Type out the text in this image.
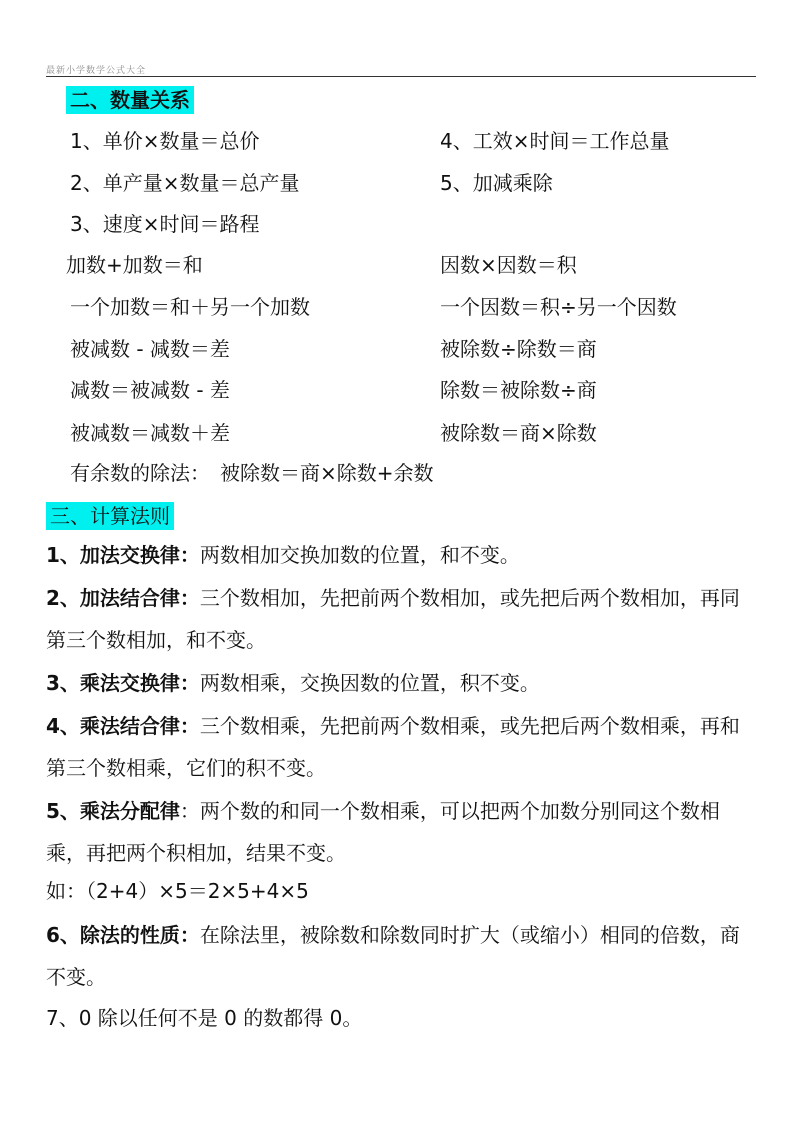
最新小学数学公式大全
二、数量关系
1、单价×数量＝总价
2、单产量×数量＝总产量
3、速度×时间＝路程
4、工效×时间＝工作总量
5、加减乘除
加数+加数＝和
一个加数＝和＋另一个加数
被减数 - 减数＝差
减数＝被减数 - 差
被减数＝减数＋差
因数×因数＝积
一个因数＝积÷另一个因数
被除数÷除数＝商
除数＝被除数÷商
被除数＝商×除数
有余数的除法： 被除数＝商×除数+余数
三、计算法则
1、加法交换律：两数相加交换加数的位置，和不变。
2、加法结合律：三个数相加，先把前两个数相加，或先把后两个数相加，再同第三个数相加，和不变。
3、乘法交换律：两数相乘，交换因数的位置，积不变。
4、乘法结合律：三个数相乘，先把前两个数相乘，或先把后两个数相乘，再和第三个数相乘，它们的积不变。
5、乘法分配律：两个数的和同一个数相乘，可以把两个加数分别同这个数相乘，再把两个积相加，结果不变。
如：（2+4）×5＝2×5+4×5
6、除法的性质：在除法里，被除数和除数同时扩大（或缩小）相同的倍数，商不变。
7、0 除以任何不是 0 的数都得 0。
